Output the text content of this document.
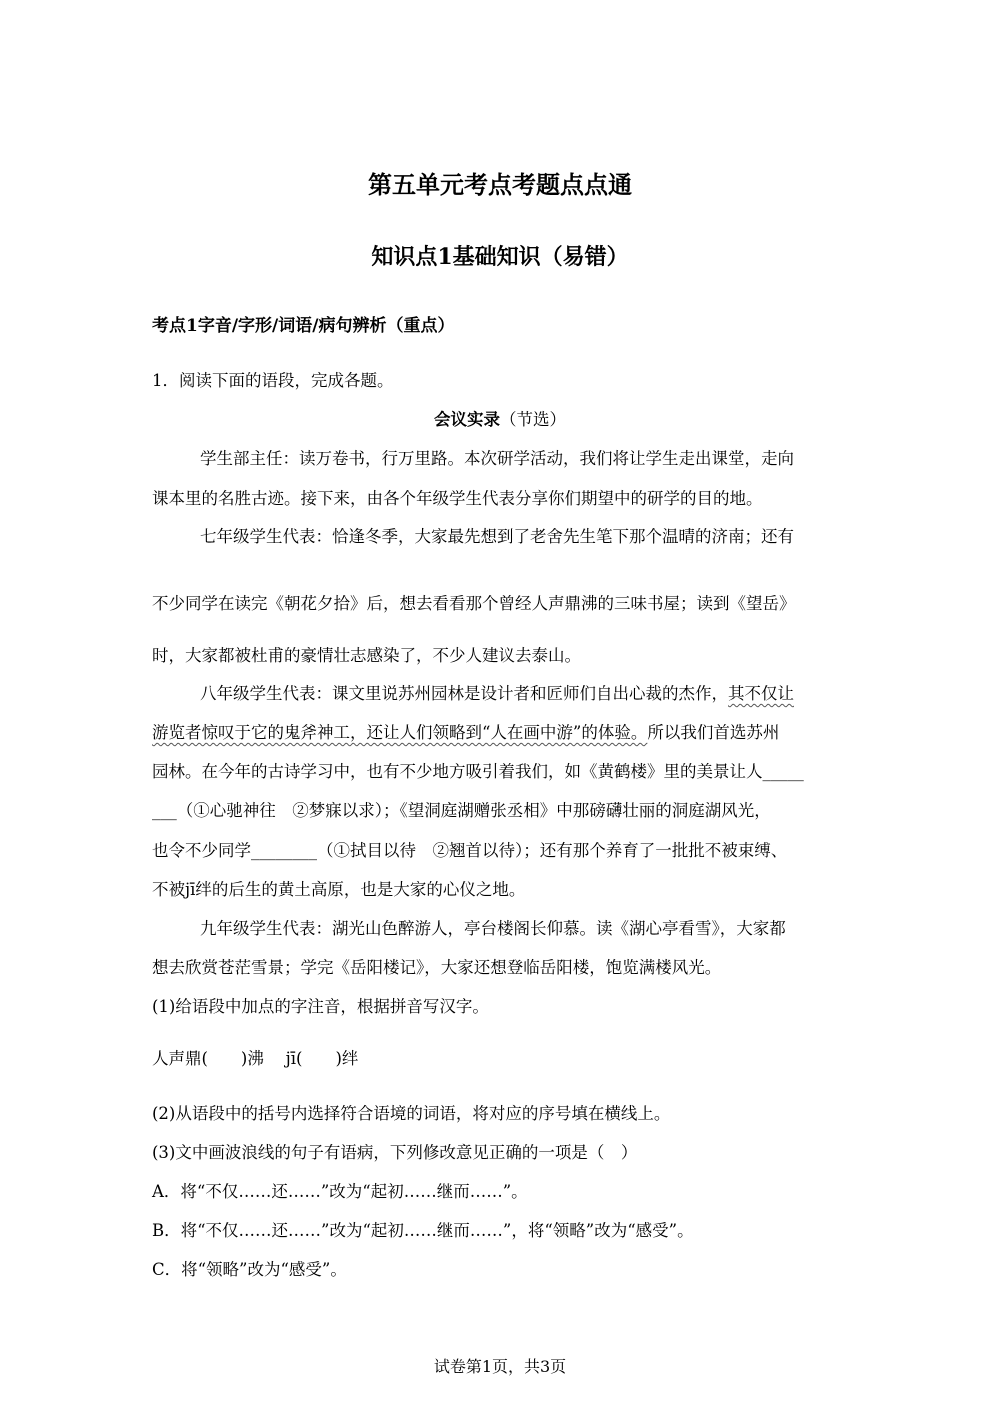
第五单元考点考题点点通
知识点1基础知识（易错）
考点1字音/字形/词语/病句辨析（重点）
1．阅读下面的语段，完成各题。
会议实录（节选）
学生部主任：读万卷书，行万里路。本次研学活动，我们将让学生走出课堂，走向
课本里的名胜古迹。接下来，由各个年级学生代表分享你们期望中的研学的目的地。
七年级学生代表：恰逢冬季，大家最先想到了老舍先生笔下那个温晴的济南；还有
不少同学在读完《朝花夕拾》后，想去看看那个曾经人声鼎沸的三味书屋；读到《望岳》
时，大家都被杜甫的豪情壮志感染了，不少人建议去泰山。
八年级学生代表：课文里说苏州园林是设计者和匠师们自出心裁的杰作，其不仅让
游览者惊叹于它的鬼斧神工，还让人们领略到“人在画中游”的体验。所以我们首选苏州
园林。在今年的古诗学习中，也有不少地方吸引着我们，如《黄鹤楼》里的美景让人_____
___（①心驰神往　②梦寐以求）；《望洞庭湖赠张丞相》中那磅礴壮丽的洞庭湖风光，
也令不少同学________（①拭目以待　②翘首以待）；还有那个养育了一批批不被束缚、
不被jī绊的后生的黄土高原，也是大家的心仪之地。
九年级学生代表：湖光山色醉游人，亭台楼阁长仰慕。读《湖心亭看雪》，大家都
想去欣赏苍茫雪景；学完《岳阳楼记》，大家还想登临岳阳楼，饱览满楼风光。
(1)给语段中加点的字注音，根据拼音写汉字。
人声鼎(　　)沸　 jī(　　)绊
(2)从语段中的括号内选择符合语境的词语，将对应的序号填在横线上。
(3)文中画波浪线的句子有语病，下列修改意见正确的一项是（　）
A．将“不仅……还……”改为“起初……继而……”。
B．将“不仅……还……”改为“起初……继而……”，将“领略”改为“感受”。
C．将“领略”改为“感受”。
试卷第1页，共3页
